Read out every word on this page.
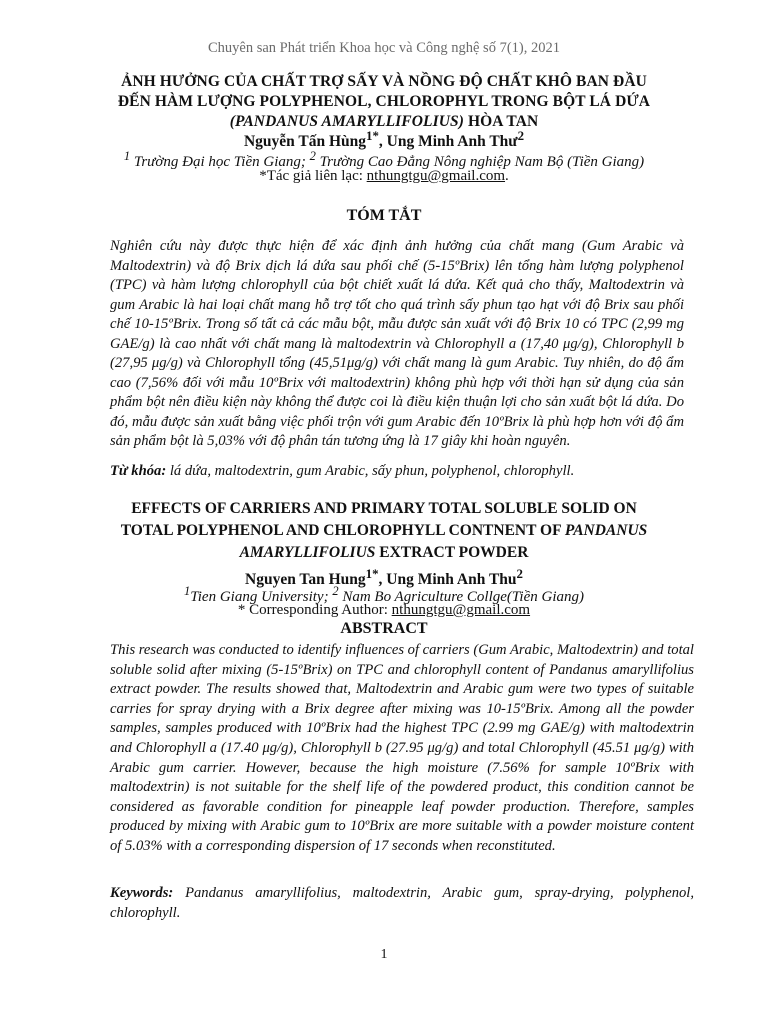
Chuyên san Phát triển Khoa học và Công nghệ số 7(1), 2021
ẢNH HƯỞNG CỦA CHẤT TRỢ SẤY VÀ NỒNG ĐỘ CHẤT KHÔ BAN ĐẦU
ĐẾN HÀM LƯỢNG POLYPHENOL, CHLOROPHYL TRONG BỘT LÁ DỨA
(PANDANUS AMARYLLIFOLIUS) HÒA TAN
Nguyễn Tấn Hùng$^{1*}$, Ung Minh Anh Thư$^2$
$^1$ Trường Đại học Tiền Giang; $^2$ Trường Cao Đẳng Nông nghiệp Nam Bộ (Tiền Giang)
*Tác giả liên lạc: nthungtgu@gmail.com.
TÓM TẮT
Nghiên cứu này được thực hiện để xác định ảnh hưởng của chất mang (Gum Arabic và Maltodextrin) và độ Brix dịch lá dứa sau phối chế (5-15ºBrix) lên tổng hàm lượng polyphenol (TPC) và hàm lượng chlorophyll của bột chiết xuất lá dứa. Kết quả cho thấy, Maltodextrin và gum Arabic là hai loại chất mang hỗ trợ tốt cho quá trình sấy phun tạo hạt với độ Brix sau phối chế 10-15ºBrix. Trong số tất cả các mẫu bột, mẫu được sản xuất với độ Brix 10 có TPC (2,99 mg GAE/g) là cao nhất với chất mang là maltodextrin và Chlorophyll a (17,40 μg/g), Chlorophyll b (27,95 μg/g) và Chlorophyll tổng (45,51μg/g) với chất mang là gum Arabic. Tuy nhiên, do độ ẩm cao (7,56% đối với mẫu 10ºBrix với maltodextrin) không phù hợp với thời hạn sử dụng của sản phẩm bột nên điều kiện này không thể được coi là điều kiện thuận lợi cho sản xuất bột lá dứa. Do đó, mẫu được sản xuất bằng việc phối trộn với gum Arabic đến 10ºBrix là phù hợp hơn với độ ẩm sản phẩm bột là 5,03% với độ phân tán tương ứng là 17 giây khi hoàn nguyên.
Từ khóa: lá dứa, maltodextrin, gum Arabic, sấy phun, polyphenol, chlorophyll.
EFFECTS OF CARRIERS AND PRIMARY TOTAL SOLUBLE SOLID ON
TOTAL POLYPHENOL AND CHLOROPHYLL CONTNENT OF PANDANUS
AMARYLLIFOLIUS EXTRACT POWDER
Nguyen Tan Hung$^{1*}$, Ung Minh Anh Thu$^2$
$^1$Tien Giang University; $^2$ Nam Bo Agriculture Collge(Tiền Giang)
* Corresponding Author: nthungtgu@gmail.com
ABSTRACT
This research was conducted to identify influences of carriers (Gum Arabic, Maltodextrin) and total soluble solid after mixing (5-15ºBrix) on TPC and chlorophyll content of Pandanus amaryllifolius extract powder. The results showed that, Maltodextrin and Arabic gum were two types of suitable carries for spray drying with a Brix degree after mixing was 10-15ºBrix. Among all the powder samples, samples produced with 10ºBrix had the highest TPC (2.99 mg GAE/g) with maltodextrin and Chlorophyll a (17.40 μg/g), Chlorophyll b (27.95 μg/g) and total Chlorophyll (45.51 μg/g) with Arabic gum carrier. However, because the high moisture (7.56% for sample 10ºBrix with maltodextrin) is not suitable for the shelf life of the powdered product, this condition cannot be considered as favorable condition for pineapple leaf powder production. Therefore, samples produced by mixing with Arabic gum to 10ºBrix are more suitable with a powder moisture content of 5.03% with a corresponding dispersion of 17 seconds when reconstituted.
Keywords: Pandanus amaryllifolius, maltodextrin, Arabic gum, spray-drying, polyphenol, chlorophyll.
1
